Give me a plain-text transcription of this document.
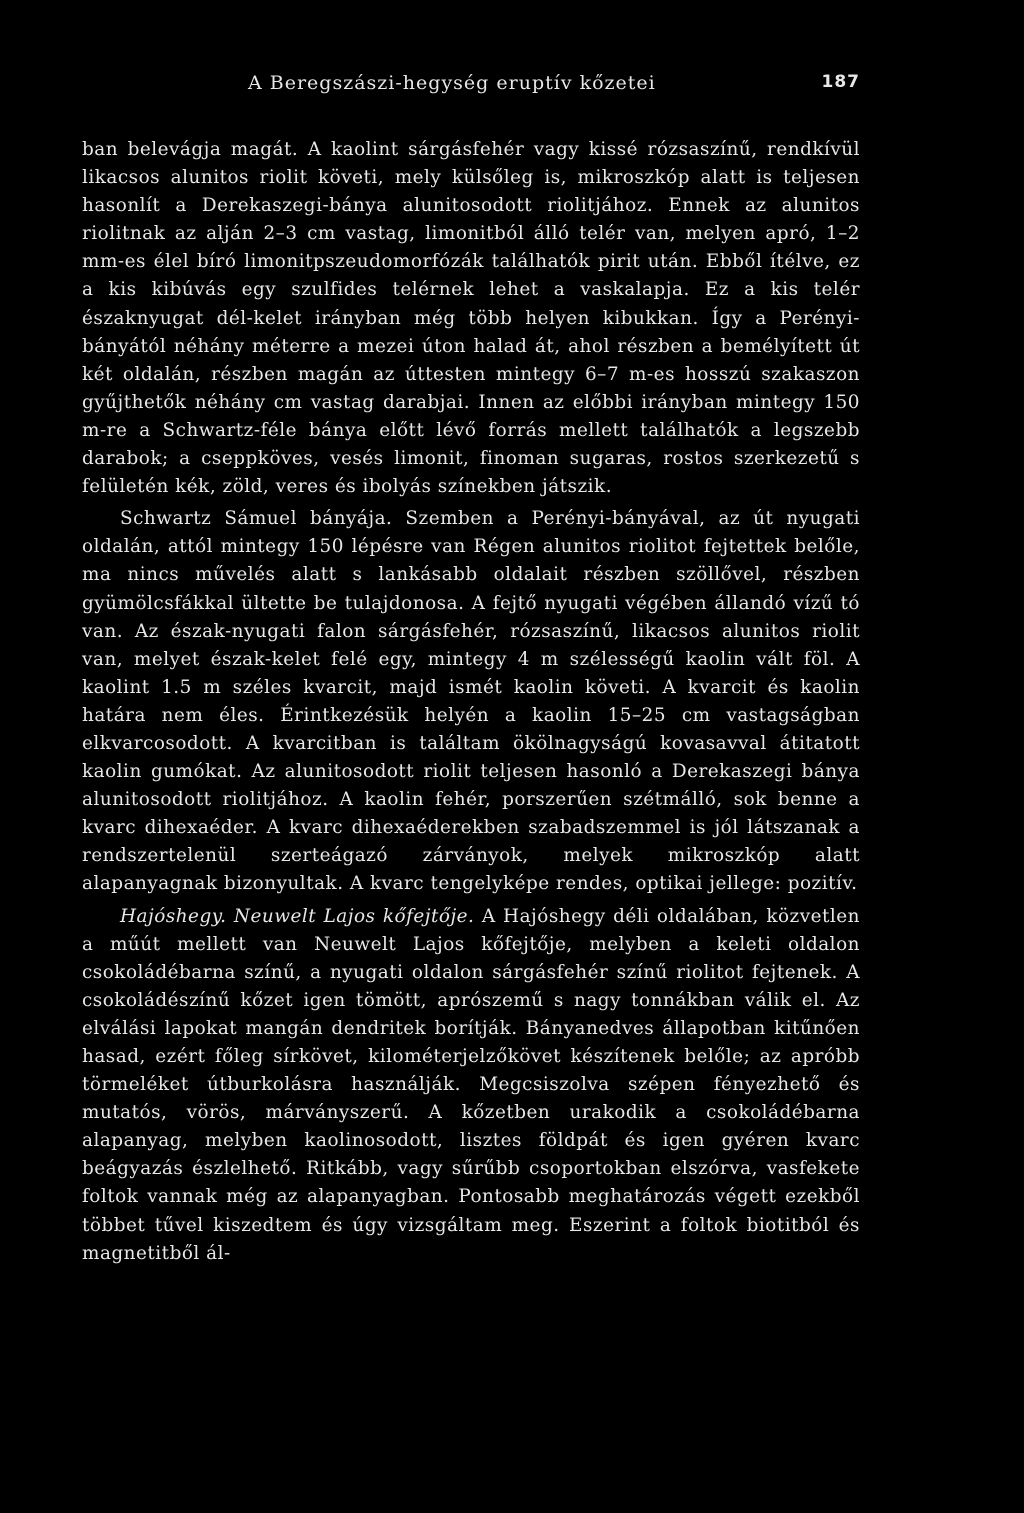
A Beregszászi-hegység eruptív kőzetei	187

ban belevágja magát. A kaolint sárgásfehér vagy kissé rózsaszínű, rendkívül likacsos alunitos riolit követi, mely külsőleg is, mikroszkóp alatt is teljesen hasonlít a Derekaszegi-bánya alunitosodott riolitjához. Ennek az alunitos riolitnak az alján 2–3 cm vastag, limonitból álló telér van, melyen apró, 1–2 mm-es élel bíró limonitpszeudomorfózák találhatók pirit után. Ebből ítélve, ez a kis kibúvás egy szulfides telérnek lehet a vaskalapja. Ez a kis telér északnyugat dél-kelet irányban még több helyen kibukkan. Így a Perényi-bányától néhány méterre a mezei úton halad át, ahol részben a bemélyített út két oldalán, részben magán az úttesten mintegy 6–7 m-es hosszú szakaszon gyűjthetők néhány cm vastag darabjai. Innen az előbbi irányban mintegy 150 m-re a Schwartz-féle bánya előtt lévő forrás mellett találhatók a legszebb darabok; a cseppköves, vesés limonit, finoman sugaras, rostos szerkezetű s felületén kék, zöld, veres és ibolyás színekben játszik.

Schwartz Sámuel bányája. Szemben a Perényi-bányával, az út nyugati oldalán, attól mintegy 150 lépésre van Régen alunitos riolitot fejtettek belőle, ma nincs művelés alatt s lankásabb oldalait részben szöllővel, részben gyümölcsfákkal ültette be tulajdonosa. A fejtő nyugati végében állandó vízű tó van. Az észak-nyugati falon sárgásfehér, rózsaszínű, likacsos alunitos riolit van, melyet észak-kelet felé egy, mintegy 4 m szélességű kaolin vált föl. A kaolint 1.5 m széles kvarcit, majd ismét kaolin követi. A kvarcit és kaolin határa nem éles. Érintkezésük helyén a kaolin 15–25 cm vastagságban elkvarcosodott. A kvarcitban is találtam ökölnagyságú kovasavval átitatott kaolin gumókat. Az alunitosodott riolit teljesen hasonló a Derekaszegi bánya alunitosodott riolitjához. A kaolin fehér, porszerűen szétmálló, sok benne a kvarc dihexaéder. A kvarc dihexaéderekben szabadszemmel is jól látszanak a rendszertelenül szerteágazó zárványok, melyek mikroszkóp alatt alapanyagnak bizonyultak. A kvarc tengelyképe rendes, optikai jellege: pozitív.

Hajóshegy. Neuwelt Lajos kőfejtője. A Hajóshegy déli oldalában, közvetlen a műút mellett van Neuwelt Lajos kőfejtője, melyben a keleti oldalon csokoládébarna színű, a nyugati oldalon sárgásfehér színű riolitot fejtenek. A csokoládészínű kőzet igen tömött, aprószemű s nagy tonnákban válik el. Az elválási lapokat mangán dendritek borítják. Bányanedves állapotban kitűnően hasad, ezért főleg sírkövet, kilométerjelzőkövet készítenek belőle; az apróbb törmeléket útburkolásra használják. Megcsiszolva szépen fényezhető és mutatós, vörös, márványszerű. A kőzetben urakodik a csokoládébarna alapanyag, melyben kaolinosodott, lisztes földpát és igen gyéren kvarc beágyazás észlelhető. Ritkább, vagy sűrűbb csoportokban elszórva, vasfekete foltok vannak még az alapanyagban. Pontosabb meghatározás végett ezekből többet tűvel kiszedtem és úgy vizsgáltam meg. Eszerint a foltok biotitból és magnetitből ál-
